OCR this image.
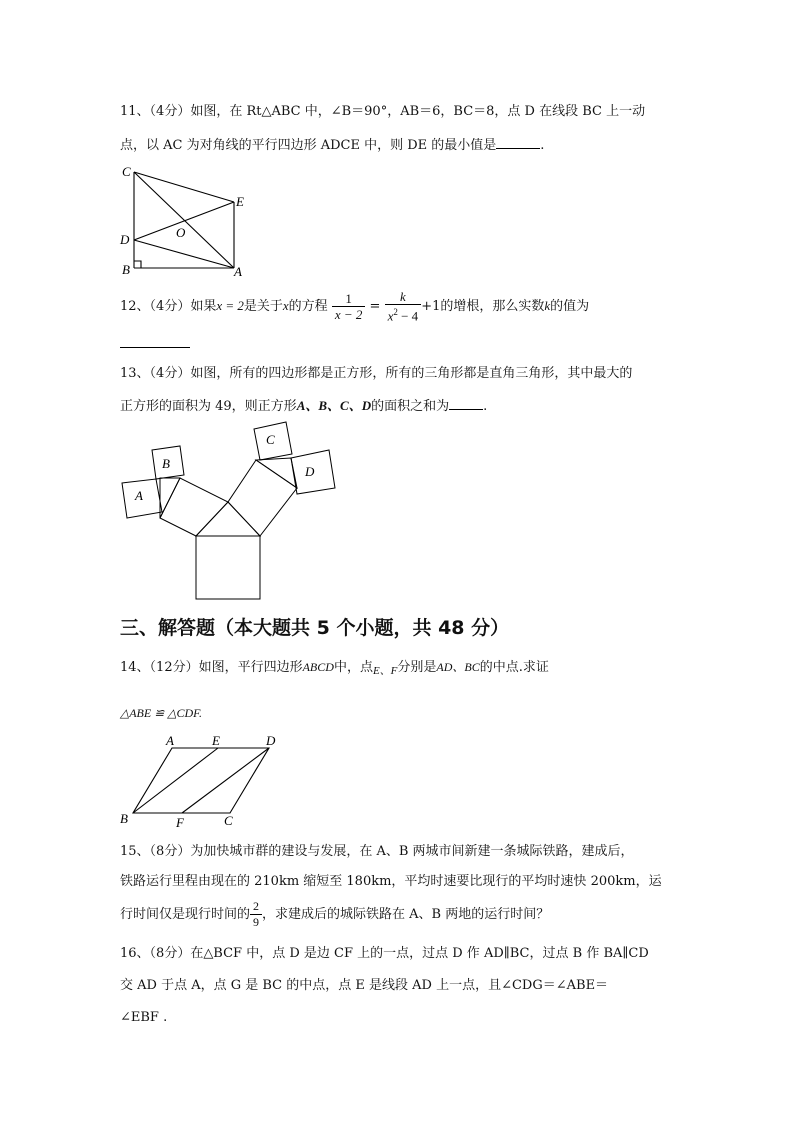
11、（4分）如图，在 Rt△ABC 中，∠B＝90°，AB＝6，BC＝8，点 D 在线段 BC 上一动
点，以 AC 为对角线的平行四边形 ADCE 中，则 DE 的最小值是	.
C
E
D	O
B	A
12、（4分）如果x = 2是关于x的方程 $\frac{1}{x - 2} = \frac{k}{x^2 - 4} +1$的增根，那么实数k的值为
13、（4分）如图，所有的四边形都是正方形，所有的三角形都是直角三角形，其中最大的
正方形的面积为 49，则正方形A、B、C、D的面积之和为	.
B
A
C
D
三、解答题（本大题共 5 个小题，共 48 分）
14、（12分）如图，平行四边形ABCD中，点$_{E、F}$分别是AD、BC的中点.求证
△ABE ≌ △CDF.
A	E	D
B	F	C
15、（8分）为加快城市群的建设与发展，在 A、B 两城市间新建一条城际铁路，建成后，
铁路运行里程由现在的 210km 缩短至 180km，平均时速要比现行的平均时速快 200km，运
行时间仅是现行时间的 $\frac{2}{9}$ ，求建成后的城际铁路在 A、B 两地的运行时间？
16、（8分）在△BCF 中，点 D 是边 CF 上的一点，过点 D 作 AD∥BC，过点 B 作 BA∥CD
交 AD 于点 A，点 G 是 BC 的中点，点 E 是线段 AD 上一点，且∠CDG＝∠ABE＝
∠EBF .
